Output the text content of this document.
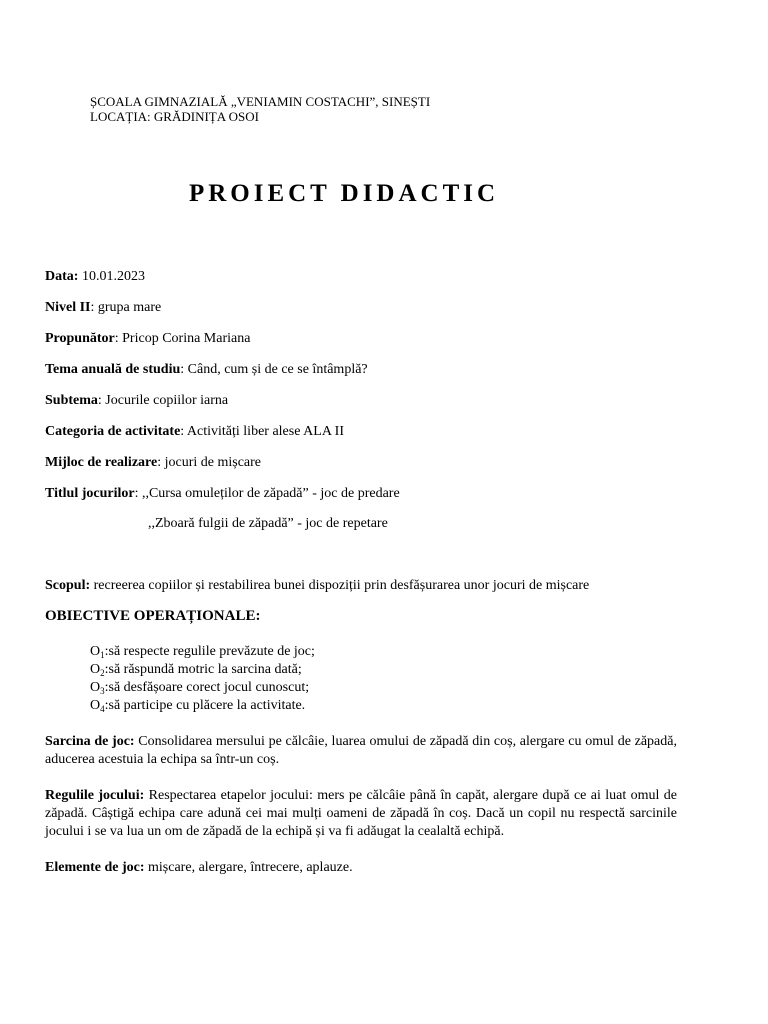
ȘCOALA GIMNAZIALĂ „VENIAMIN COSTACHI”, SINEȘTI
LOCAȚIA: GRĂDINIȚA OSOI
PROIECT DIDACTIC
Data: 10.01.2023
Nivel II: grupa mare
Propunător: Pricop Corina Mariana
Tema anuală de studiu: Când, cum și de ce se întâmplă?
Subtema: Jocurile copiilor iarna
Categoria de activitate: Activități liber alese ALA II
Mijloc de realizare: jocuri de mișcare
Titlul jocurilor: ,,Cursa omuleților de zăpadă” - joc de predare
,,Zboară fulgii de zăpadă” - joc de repetare
Scopul: recreerea copiilor și restabilirea bunei dispoziții prin desfășurarea unor jocuri de mișcare
OBIECTIVE OPERAȚIONALE:
$O_1:să$ respecte regulile prevăzute de joc;
$O_2:să$ răspundă motric la sarcina dată;
$O_3:să$ desfășoare corect jocul cunoscut;
$O_4:să$ participe cu plăcere la activitate.
Sarcina de joc: Consolidarea mersului pe călcâie, luarea omului de zăpadă din coș, alergare cu omul de zăpadă, aducerea acestuia la echipa sa într-un coș.
Regulile jocului: Respectarea etapelor jocului: mers pe călcâie până în capăt, alergare după ce ai luat omul de zăpadă. Câștigă echipa care adună cei mai mulți oameni de zăpadă în coș. Dacă un copil nu respectă sarcinile jocului i se va lua un om de zăpadă de la echipă și va fi adăugat la cealaltă echipă.
Elemente de joc: mișcare, alergare, întrecere, aplauze.
